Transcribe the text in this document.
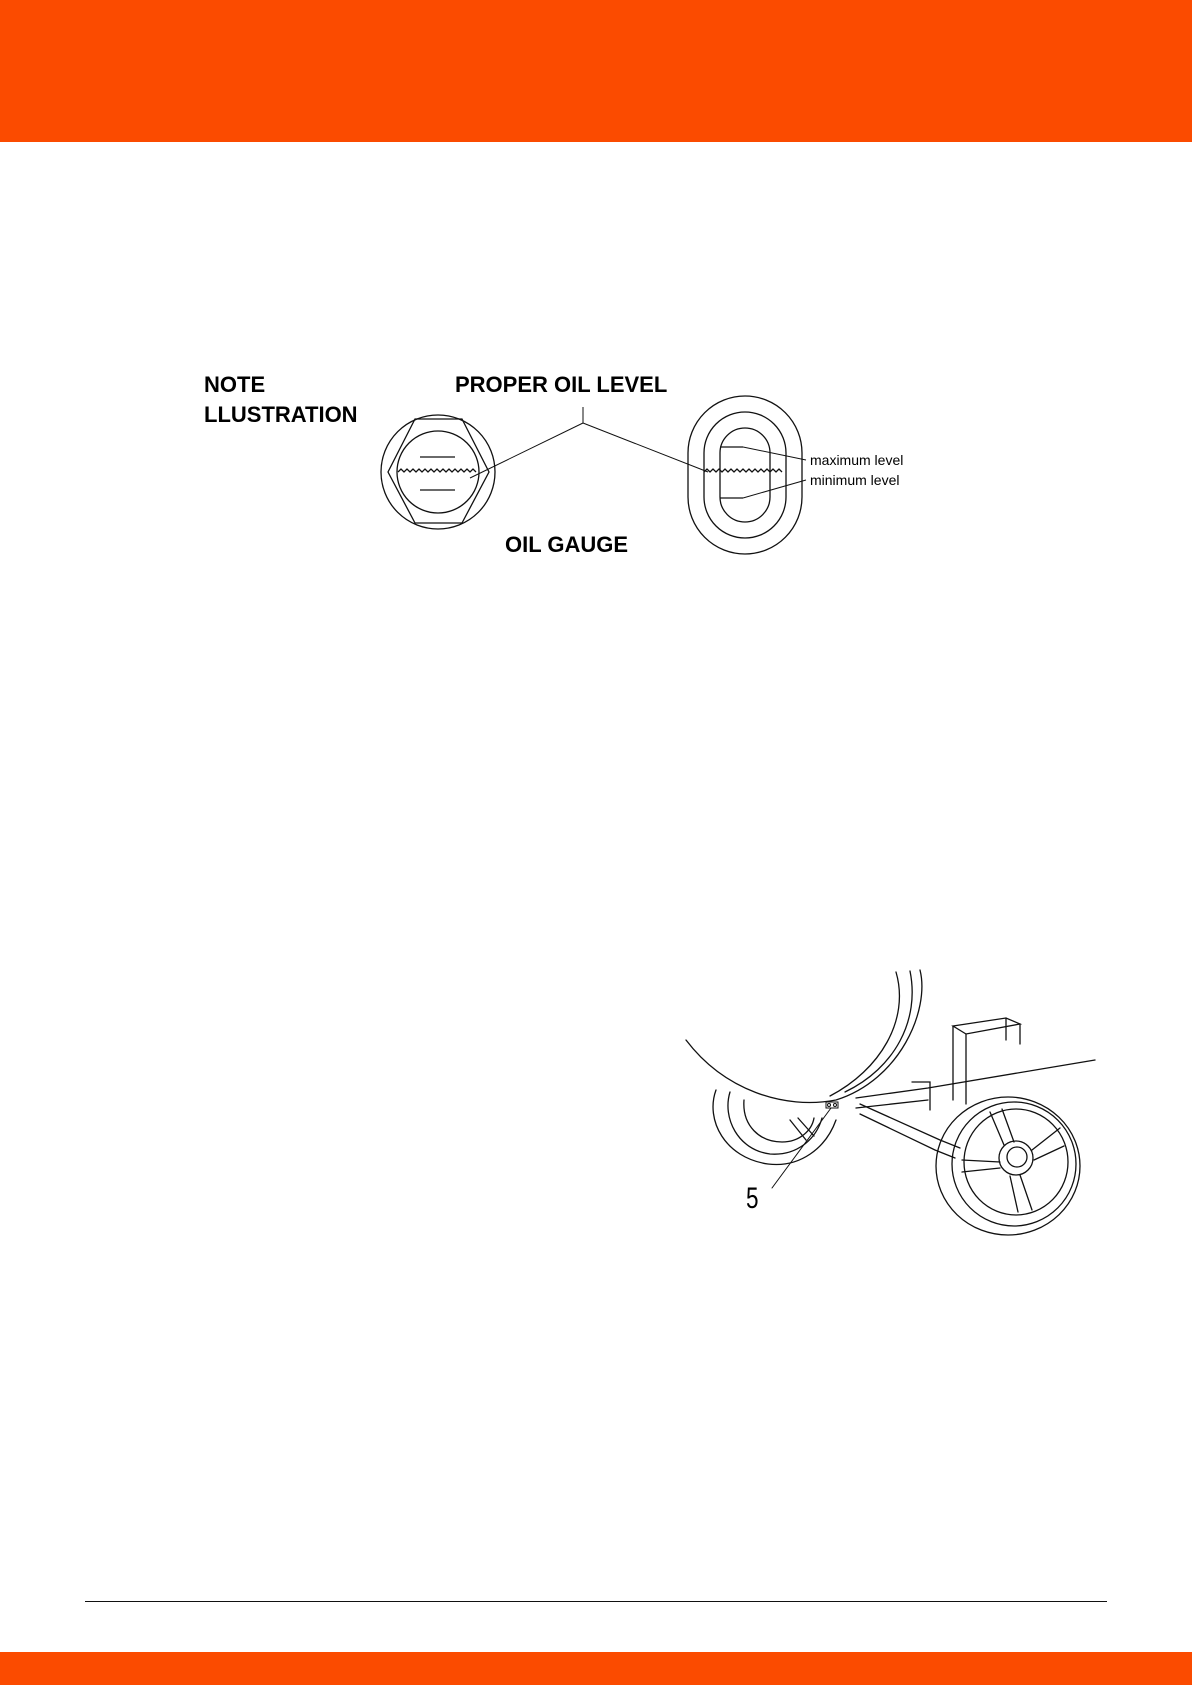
NOTE
LLUSTRATION
PROPER OIL LEVEL
OIL GAUGE
maximum level
minimum level
5
